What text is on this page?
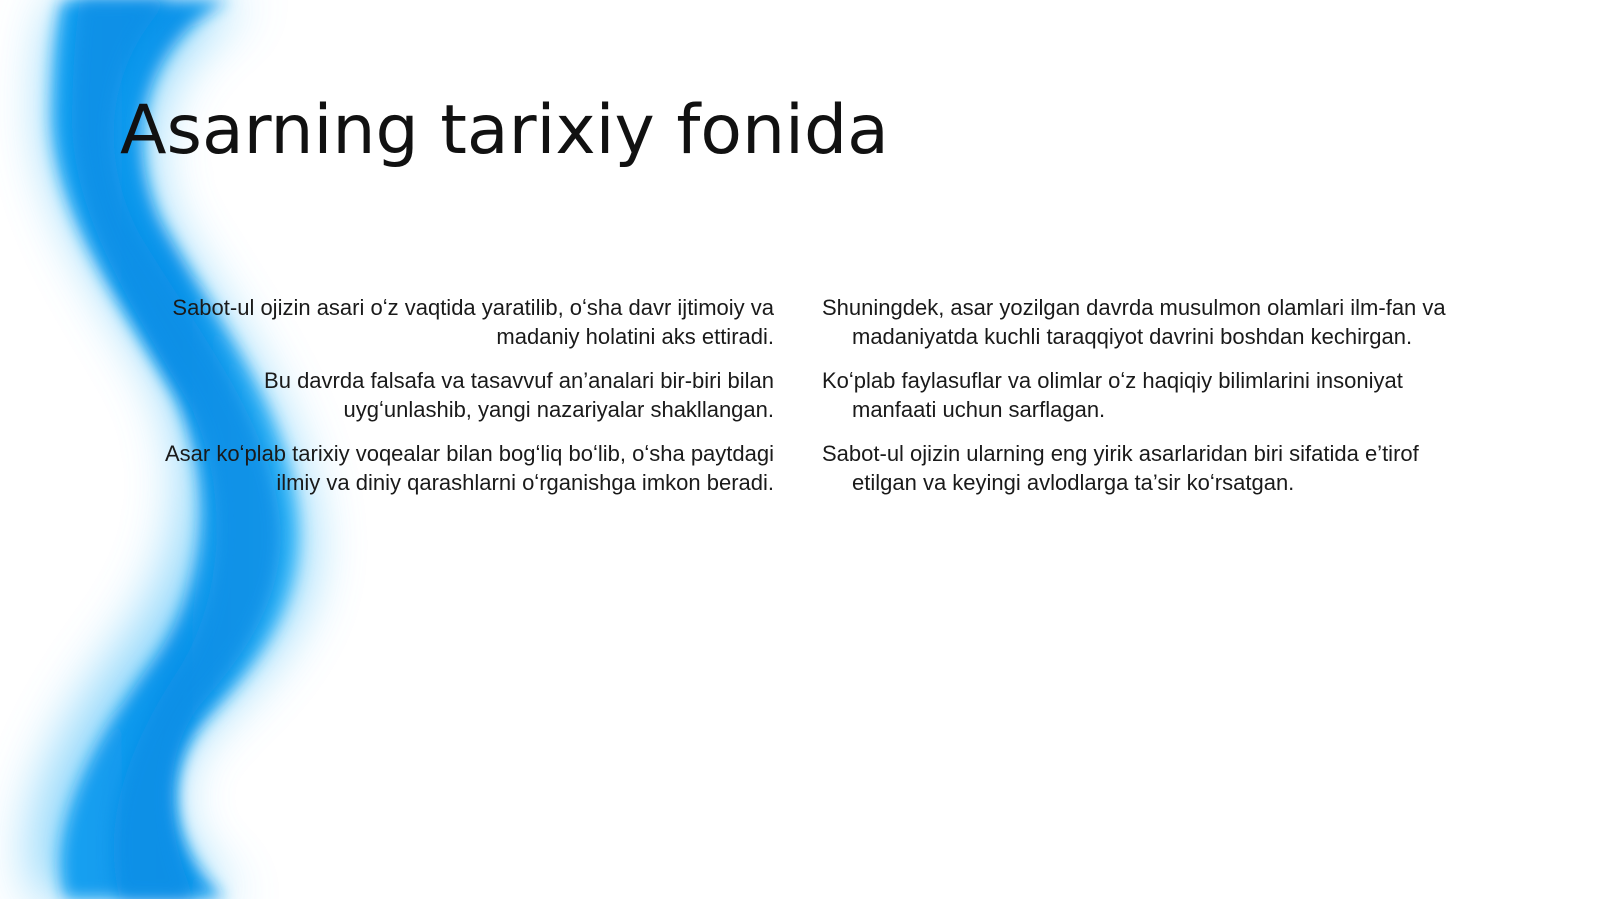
Asarning tarixiy fonida

Sabot-ul ojizin asari oʻz vaqtida yaratilib, oʻsha davr ijtimoiy va madaniy holatini aks ettiradi.

Bu davrda falsafa va tasavvuf an’analari bir-biri bilan uygʻunlashib, yangi nazariyalar shakllangan.

Asar koʻplab tarixiy voqealar bilan bogʻliq boʻlib, oʻsha paytdagi ilmiy va diniy qarashlarni oʻrganishga imkon beradi.

Shuningdek, asar yozilgan davrda musulmon olamlari ilm-fan va madaniyatda kuchli taraqqiyot davrini boshdan kechirgan.

Koʻplab faylasuflar va olimlar oʻz haqiqiy bilimlarini insoniyat manfaati uchun sarflagan.

Sabot-ul ojizin ularning eng yirik asarlaridan biri sifatida e’tirof etilgan va keyingi avlodlarga ta’sir koʻrsatgan.
